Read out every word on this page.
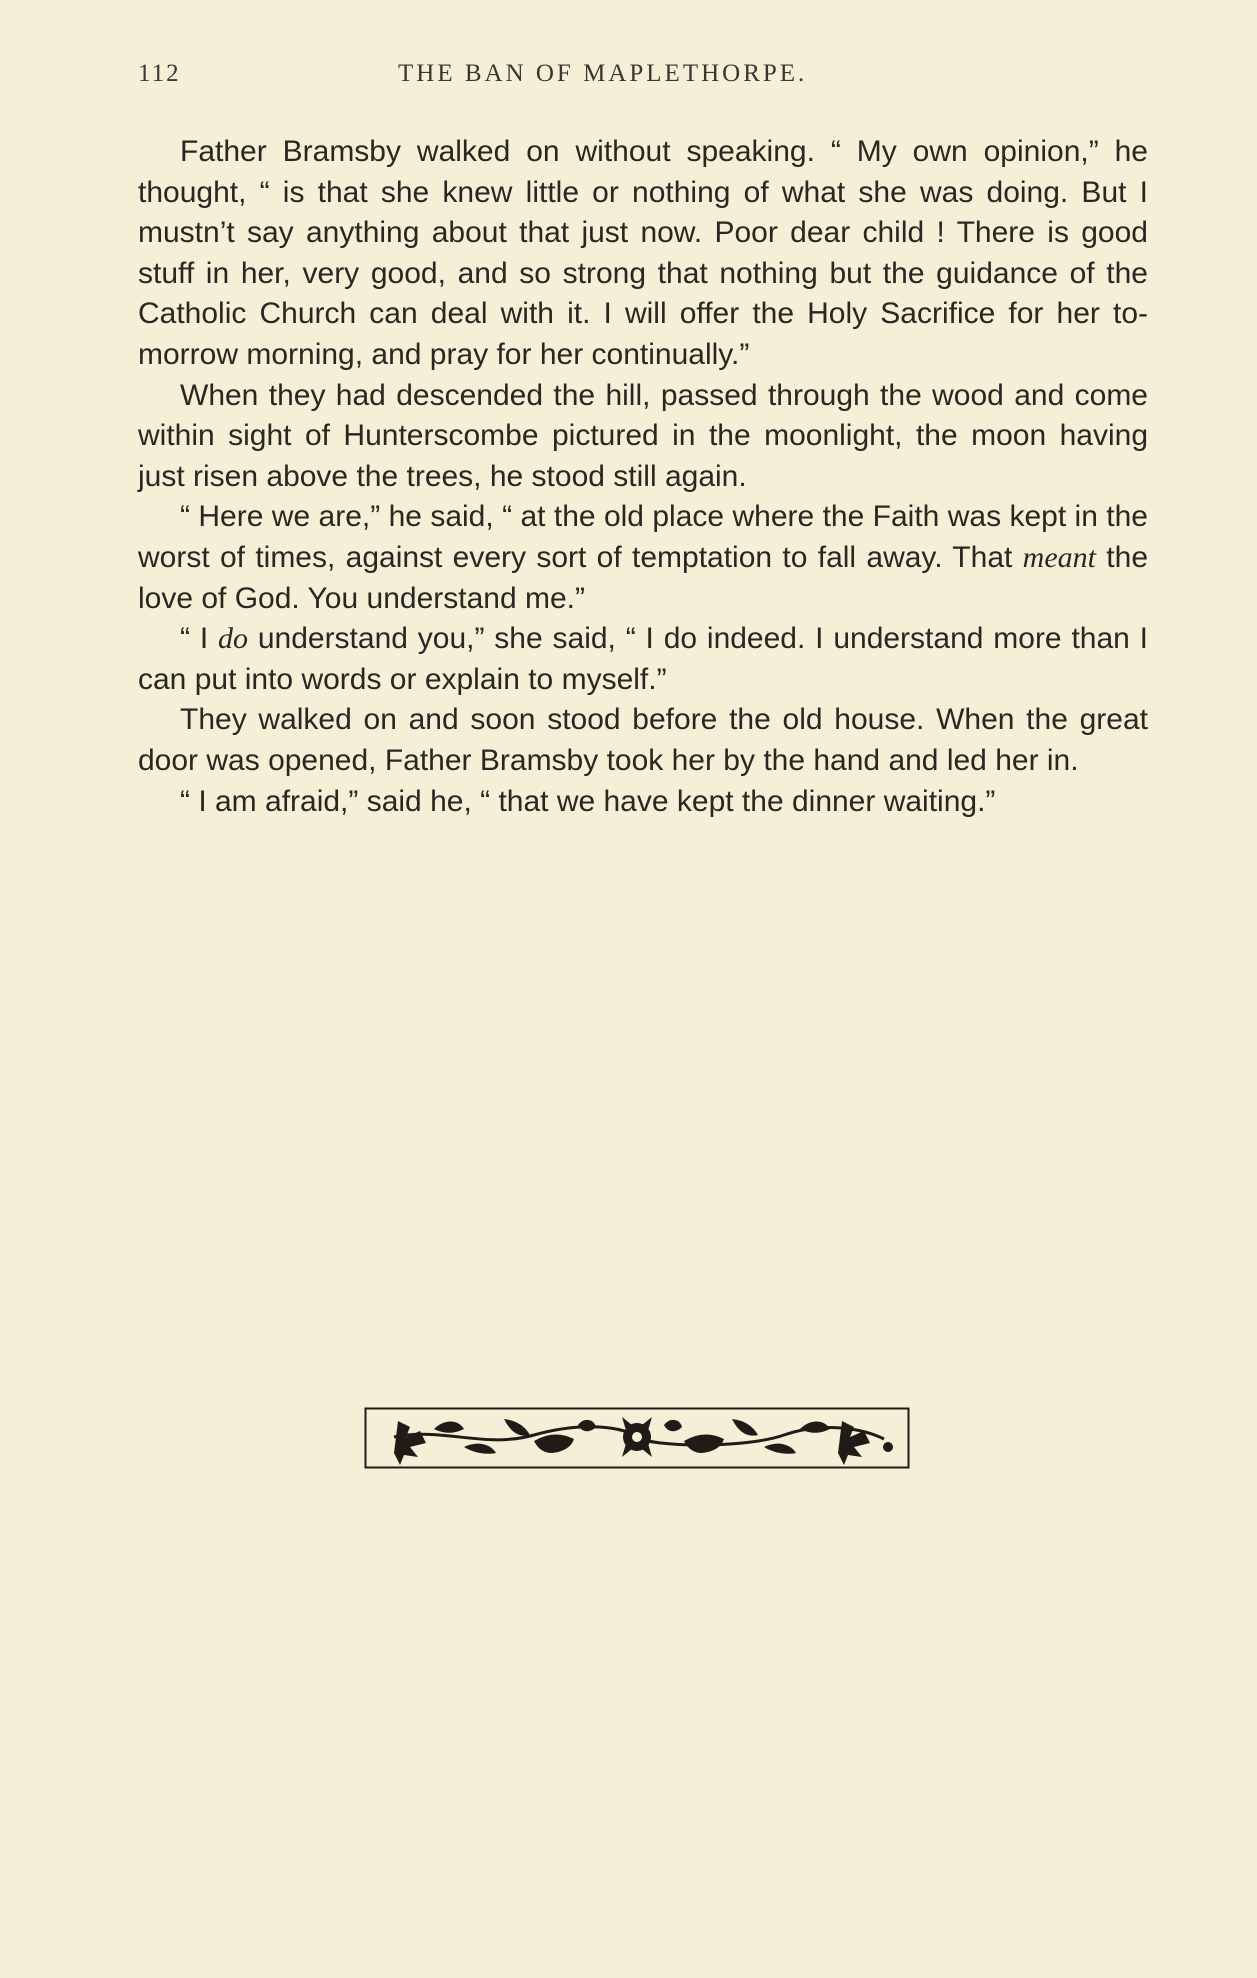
112	THE BAN OF MAPLETHORPE.

Father Bramsby walked on without speaking. “ My own opinion,” he thought, “ is that she knew little or nothing of what she was doing. But I mustn’t say anything about that just now. Poor dear child ! There is good stuff in her, very good, and so strong that nothing but the guidance of the Catholic Church can deal with it. I will offer the Holy Sacrifice for her to-morrow morning, and pray for her continually.”

When they had descended the hill, passed through the wood and come within sight of Hunterscombe pictured in the moonlight, the moon having just risen above the trees, he stood still again.

“ Here we are,” he said, “ at the old place where the Faith was kept in the worst of times, against every sort of temptation to fall away. That meant the love of God. You understand me.”

“ I do understand you,” she said, “ I do indeed. I understand more than I can put into words or explain to myself.”

They walked on and soon stood before the old house. When the great door was opened, Father Bramsby took her by the hand and led her in.

“ I am afraid,” said he, “ that we have kept the dinner waiting.”
